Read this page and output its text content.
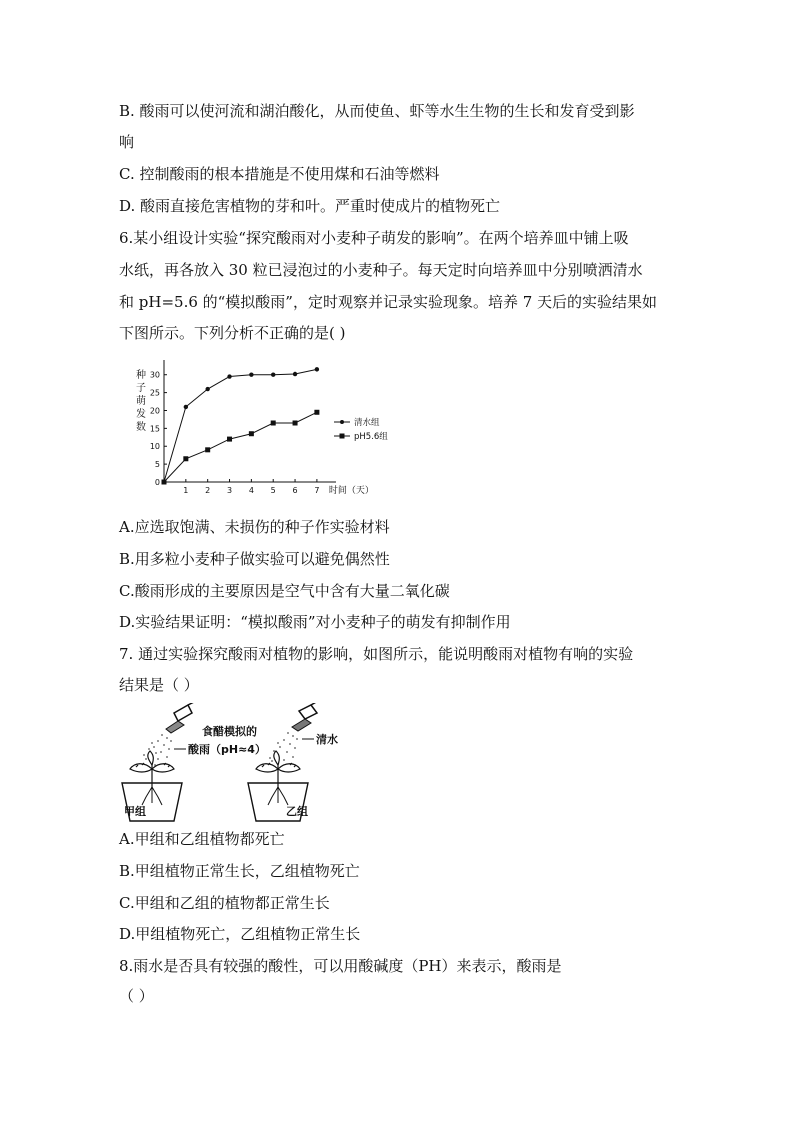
B. 酸雨可以使河流和湖泊酸化，从而使鱼、虾等水生生物的生长和发育受到影
响
C. 控制酸雨的根本措施是不使用煤和石油等燃料
D. 酸雨直接危害植物的芽和叶。严重时使成片的植物死亡
6.某小组设计实验“探究酸雨对小麦种子萌发的影响”。在两个培养皿中铺上吸
水纸，再各放入 30 粒已浸泡过的小麦种子。每天定时向培养皿中分别喷洒清水
和 pH=5.6 的“模拟酸雨”，定时观察并记录实验现象。培养 7 天后的实验结果如
下图所示。下列分析不正确的是( )
种
子
萌
发
数
0
5
10
15
20
25
30
1 2 3 4 5 6 7 时间（天）
清水组
pH5.6组
A.应选取饱满、未损伤的种子作实验材料
B.用多粒小麦种子做实验可以避免偶然性
C.酸雨形成的主要原因是空气中含有大量二氧化碳
D.实验结果证明：“模拟酸雨”对小麦种子的萌发有抑制作用
7. 通过实验探究酸雨对植物的影响，如图所示，能说明酸雨对植物有响的实验
结果是（ ）
食醋模拟的
酸雨（pH≈4）
甲组
清水
乙组
A.甲组和乙组植物都死亡
B.甲组植物正常生长，乙组植物死亡
C.甲组和乙组的植物都正常生长
D.甲组植物死亡，乙组植物正常生长
8.雨水是否具有较强的酸性，可以用酸碱度（PH）来表示，酸雨是
（ ）
